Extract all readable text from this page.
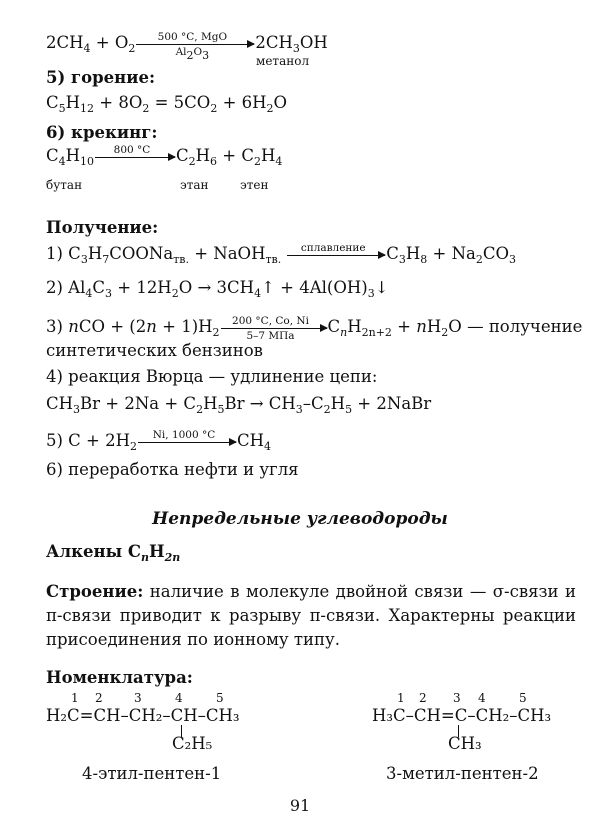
$2CH_4 + O_2$
500 °С, MgO
$Al_2O_3$
$2CH_3OH$
метанол
5) горение:
$C_5H_{12} + 8O_2 = 5CO_2 + 6H_2O$
6) крекинг:
$C_4H_{10}$
800 °С	$C_2H_6 + C_2H_4$
бутан	этан	этен
Получение:
1) $C_3H_7COONa_{тв.}$ + NaOH$_{тв.}$
сплавление	$C_3H_8 + Na_2CO_3$
2) $Al_4C_3 + 12H_2O$ → $3CH_4↑$ + $4Al(OH)_3↓$
3) nCO + $(2n + 1)H_2$
200 °С, Co, Ni
5–7 МПа	$C_nH_{2n+2} + nH_2O$ — получение
синтетических бензинов
4) реакция Вюрца — удлинение цепи:
$CH_3Br + 2Na + C_2H_5Br \to CH_3-C_2H_5$ + 2NaBr
5) $C + 2H_2$
Ni, 1000 °С	$CH_4$
6) переработка нефти и угля
Непредельные углеводороды
Алкены $C_nH_{2n}$
Строение: наличие в молекуле двойной связи — σ-связи и π-связи приводит к разрыву π-связи. Характерны реакции присоединения по ионному типу.
Номенклатура:
1 2	3	4	5
H₂C=CH–CH₂–CH–CH₃
C₂H₅
4-этил-пентен-1
1 2 3 4	5
H₃C–CH=C–CH₂–CH₃
CH₃
3-метил-пентен-2
91
